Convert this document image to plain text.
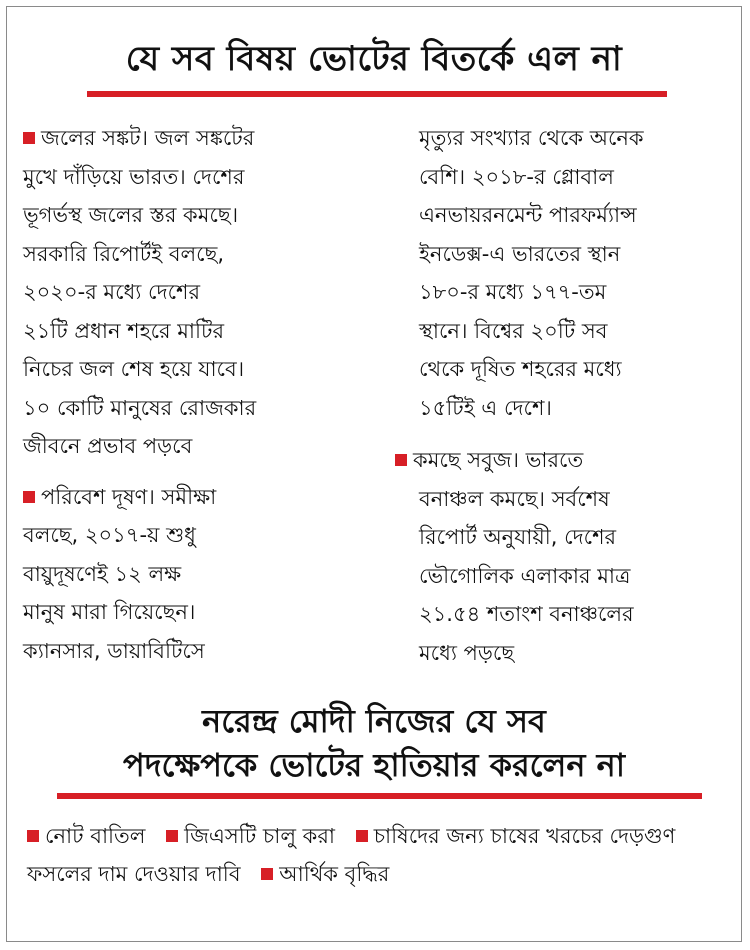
যে সব বিষয় ভোটের বিতর্কে এল না

জলের সঙ্কট। জল সঙ্কটের
মুখে দাঁড়িয়ে ভারত। দেশের
ভূগর্ভস্থ জলের স্তর কমছে।
সরকারি রিপোর্টই বলছে,
২০২০-র মধ্যে দেশের
২১টি প্রধান শহরে মাটির
নিচের জল শেষ হয়ে যাবে।
১০ কোটি মানুষের রোজকার
জীবনে প্রভাব পড়বে

পরিবেশ দূষণ। সমীক্ষা
বলছে, ২০১৭-য় শুধু
বায়ুদূষণেই ১২ লক্ষ
মানুষ মারা গিয়েছেন।
ক্যানসার, ডায়াবিটিসে

মৃত্যুর সংখ্যার থেকে অনেক
বেশি। ২০১৮-র গ্লোবাল
এনভায়রনমেন্ট পারফর্ম্যান্স
ইনডেক্স-এ ভারতের স্থান
১৮০-র মধ্যে ১৭৭-তম
স্থানে। বিশ্বের ২০টি সব
থেকে দূষিত শহরের মধ্যে
১৫টিই এ দেশে।

কমছে সবুজ। ভারতে
বনাঞ্চল কমছে। সর্বশেষ
রিপোর্ট অনুযায়ী, দেশের
ভৌগোলিক এলাকার মাত্র
২১.৫৪ শতাংশ বনাঞ্চলের
মধ্যে পড়ছে

নরেন্দ্র মোদী নিজের যে সব
পদক্ষেপকে ভোটের হাতিয়ার করলেন না
নোট বাতিল জিএসটি চালু করা চাষিদের জন্য চাষের খরচের দেড়গুণ ফসলের দাম দেওয়ার দাবি আর্থিক বৃদ্ধির
